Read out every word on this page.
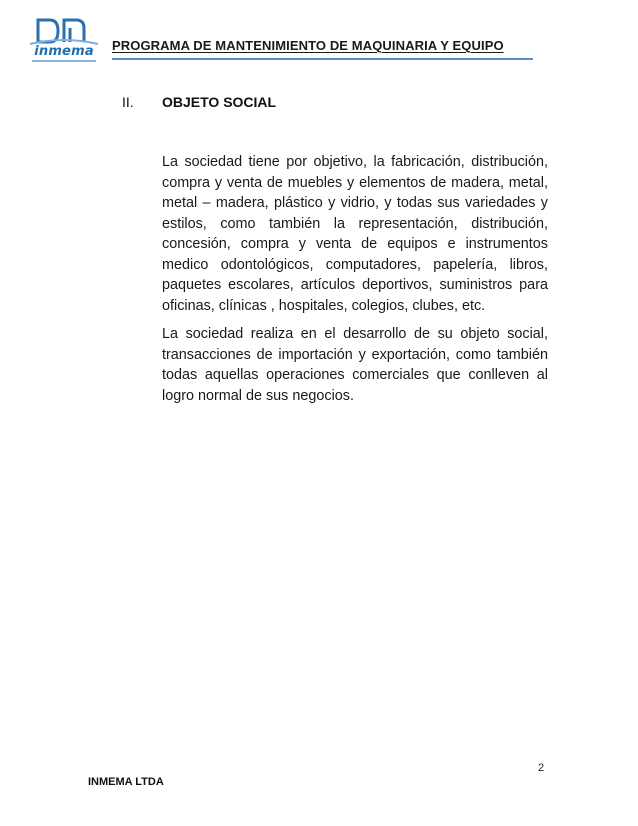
inmema	PROGRAMA DE MANTENIMIENTO DE MAQUINARIA Y EQUIPO
II. OBJETO SOCIAL
La sociedad tiene por objetivo, la fabricación, distribución, compra y venta de muebles y elementos de madera, metal, metal – madera, plástico y vidrio, y todas sus variedades y estilos, como también la representación, distribución, concesión, compra y venta de equipos e instrumentos medico odontológicos, computadores, papelería, libros, paquetes escolares, artículos deportivos, suministros para oficinas, clínicas , hospitales, colegios, clubes, etc.
La sociedad realiza en el desarrollo de su objeto social, transacciones de importación y exportación, como también todas aquellas operaciones comerciales que conlleven al logro normal de sus negocios.
2
INMEMA LTDA
